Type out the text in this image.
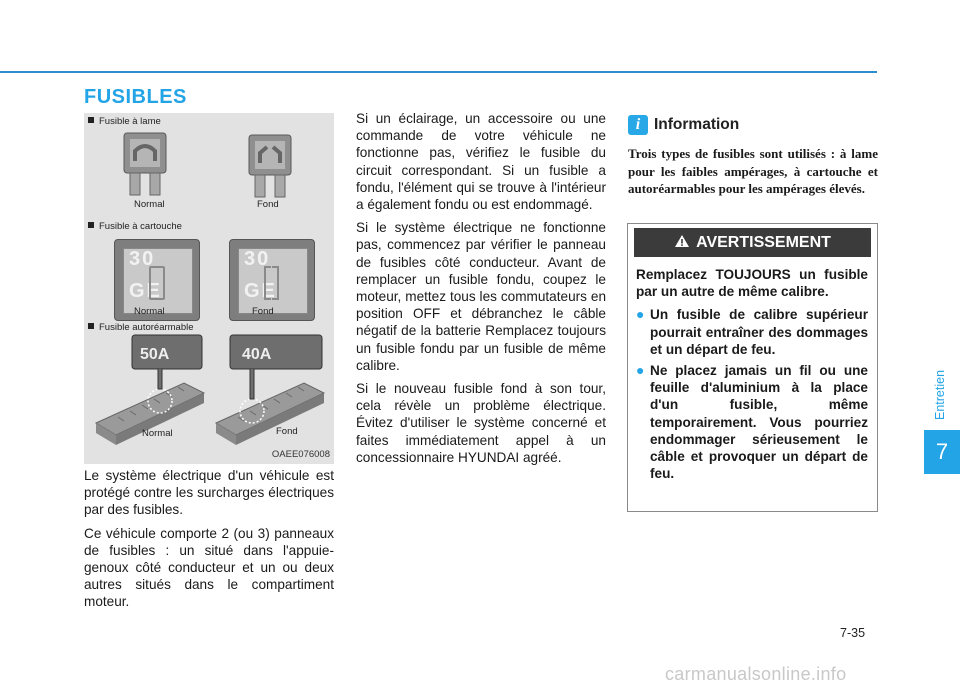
FUSIBLES
Fusible à lame
Normal	Fond
Fusible à cartouche
30
GE
Normal
30
GE
Fond
Fusible autoréarmable
50A
Normal
40A
Fond
OAEE076008

Le système électrique d'un véhicule est protégé contre les surcharges électriques par des fusibles.

Ce véhicule comporte 2 (ou 3) panneaux de fusibles : un situé dans l'appuie-genoux côté conducteur et un ou deux autres situés dans le compartiment moteur.

Si un éclairage, un accessoire ou une commande de votre véhicule ne fonctionne pas, vérifiez le fusible du circuit correspondant. Si un fusible a fondu, l'élément qui se trouve à l'intérieur a également fondu ou est endommagé.

Si le système électrique ne fonctionne pas, commencez par vérifier le panneau de fusibles côté conducteur. Avant de remplacer un fusible fondu, coupez le moteur, mettez tous les commutateurs en position OFF et débranchez le câble négatif de la batterie Remplacez toujours un fusible fondu par un fusible de même calibre.

Si le nouveau fusible fond à son tour, cela révèle un problème électrique. Évitez d'utiliser le système concerné et faites immédiatement appel à un concessionnaire HYUNDAI agréé.

i Information
Trois types de fusibles sont utilisés : à lame pour les faibles ampérages, à cartouche et autoréarmables pour les ampérages élevés.
AVERTISSEMENT

Remplacez TOUJOURS un fusible par un autre de même calibre.

● Un fusible de calibre supérieur pourrait entraîner des dommages et un départ de feu.
● Ne placez jamais un fil ou une feuille d'aluminium à la place d'un fusible, même temporairement. Vous pourriez endommager sérieusement le câble et provoquer un départ de feu.
Entretien
7
7-35
carmanualsonline.info
